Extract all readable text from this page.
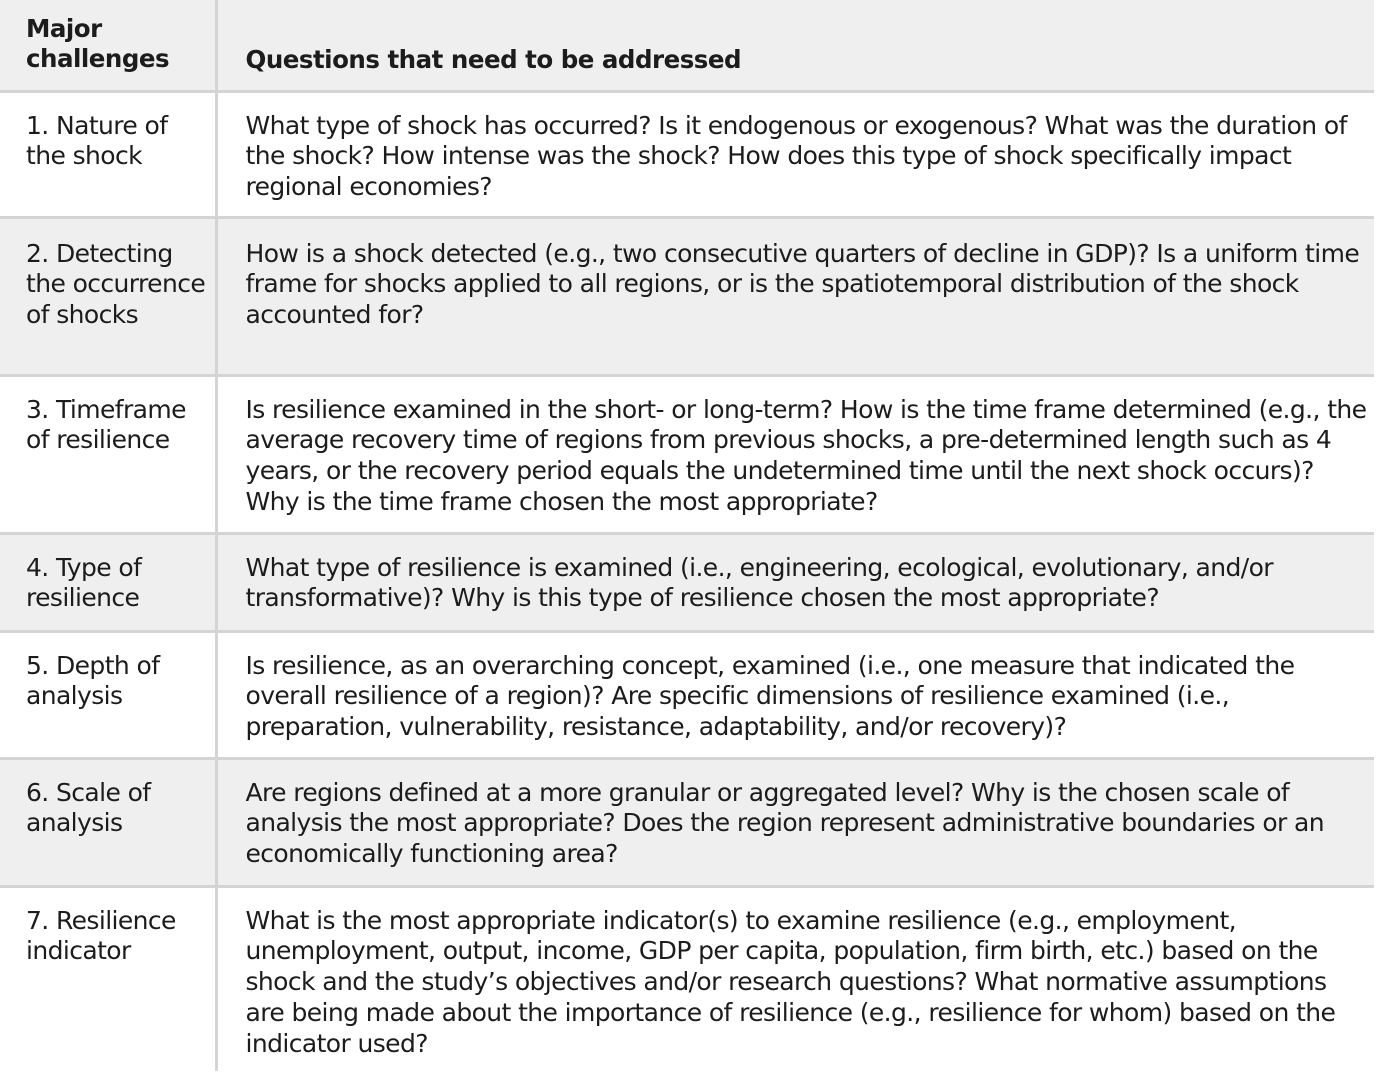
Major challenges	Questions that need to be addressed
1. Nature of the shock	What type of shock has occurred? Is it endogenous or exogenous? What was the duration of the shock? How intense was the shock? How does this type of shock specifically impact regional economies?
2. Detecting the occurrence of shocks	How is a shock detected (e.g., two consecutive quarters of decline in GDP)? Is a uniform time frame for shocks applied to all regions, or is the spatiotemporal distribution of the shock accounted for?
3. Timeframe of resilience	Is resilience examined in the short- or long-term? How is the time frame determined (e.g., the average recovery time of regions from previous shocks, a pre-determined length such as 4 years, or the recovery period equals the undetermined time until the next shock occurs)? Why is the time frame chosen the most appropriate?
4. Type of resilience	What type of resilience is examined (i.e., engineering, ecological, evolutionary, and/or transformative)? Why is this type of resilience chosen the most appropriate?
5. Depth of analysis	Is resilience, as an overarching concept, examined (i.e., one measure that indicated the overall resilience of a region)? Are specific dimensions of resilience examined (i.e., preparation, vulnerability, resistance, adaptability, and/or recovery)?
6. Scale of analysis	Are regions defined at a more granular or aggregated level? Why is the chosen scale of analysis the most appropriate? Does the region represent administrative boundaries or an economically functioning area?
7. Resilience indicator	What is the most appropriate indicator(s) to examine resilience (e.g., employment, unemployment, output, income, GDP per capita, population, firm birth, etc.) based on the shock and the study’s objectives and/or research questions? What normative assumptions are being made about the importance of resilience (e.g., resilience for whom) based on the indicator used?
